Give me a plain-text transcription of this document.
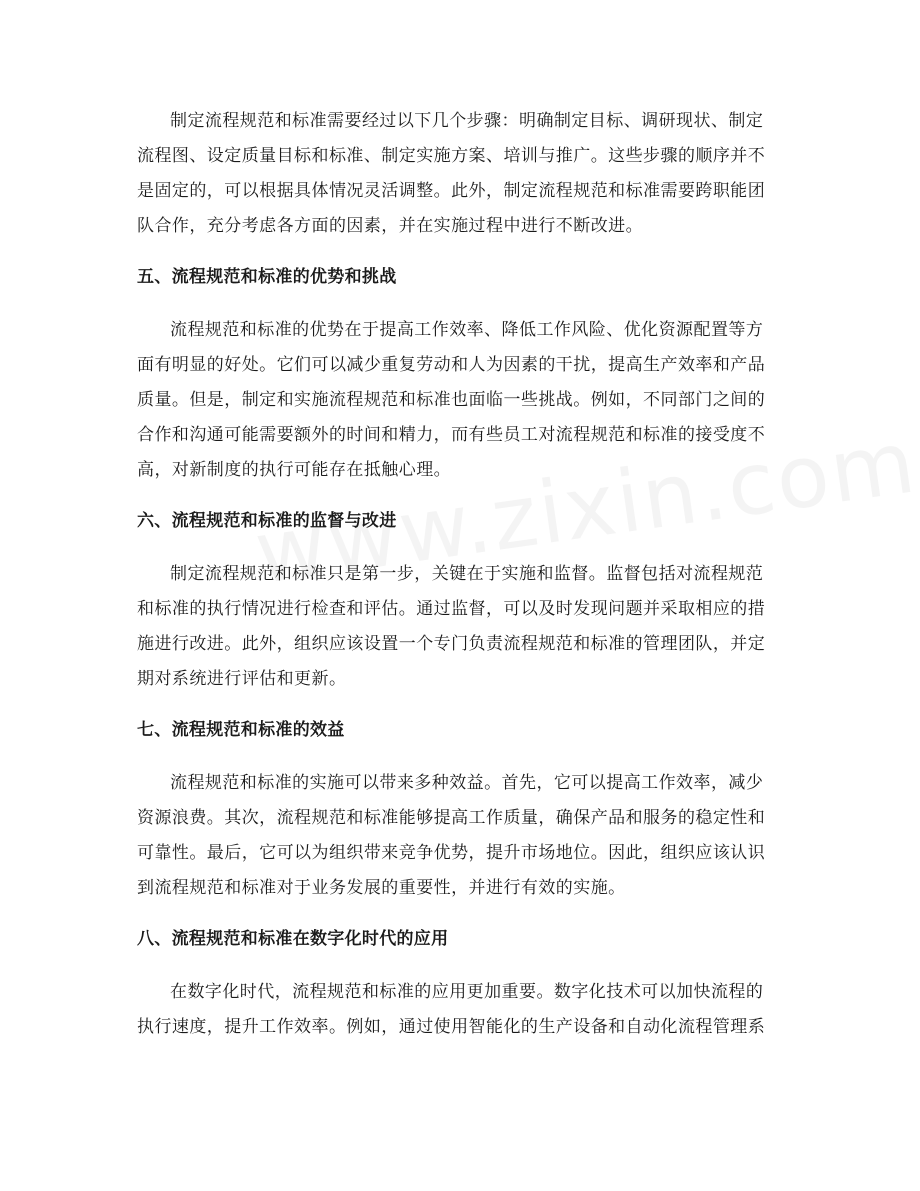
制定流程规范和标准需要经过以下几个步骤：明确制定目标、调研现状、制定
流程图、设定质量目标和标准、制定实施方案、培训与推广。这些步骤的顺序并不
是固定的，可以根据具体情况灵活调整。此外，制定流程规范和标准需要跨职能团
队合作，充分考虑各方面的因素，并在实施过程中进行不断改进。
五、流程规范和标准的优势和挑战
流程规范和标准的优势在于提高工作效率、降低工作风险、优化资源配置等方
面有明显的好处。它们可以减少重复劳动和人为因素的干扰，提高生产效率和产品
质量。但是，制定和实施流程规范和标准也面临一些挑战。例如，不同部门之间的
合作和沟通可能需要额外的时间和精力，而有些员工对流程规范和标准的接受度不
高，对新制度的执行可能存在抵触心理。
六、流程规范和标准的监督与改进
制定流程规范和标准只是第一步，关键在于实施和监督。监督包括对流程规范
和标准的执行情况进行检查和评估。通过监督，可以及时发现问题并采取相应的措
施进行改进。此外，组织应该设置一个专门负责流程规范和标准的管理团队，并定
期对系统进行评估和更新。
七、流程规范和标准的效益
流程规范和标准的实施可以带来多种效益。首先，它可以提高工作效率，减少
资源浪费。其次，流程规范和标准能够提高工作质量，确保产品和服务的稳定性和
可靠性。最后，它可以为组织带来竞争优势，提升市场地位。因此，组织应该认识
到流程规范和标准对于业务发展的重要性，并进行有效的实施。
八、流程规范和标准在数字化时代的应用
在数字化时代，流程规范和标准的应用更加重要。数字化技术可以加快流程的
执行速度，提升工作效率。例如，通过使用智能化的生产设备和自动化流程管理系
